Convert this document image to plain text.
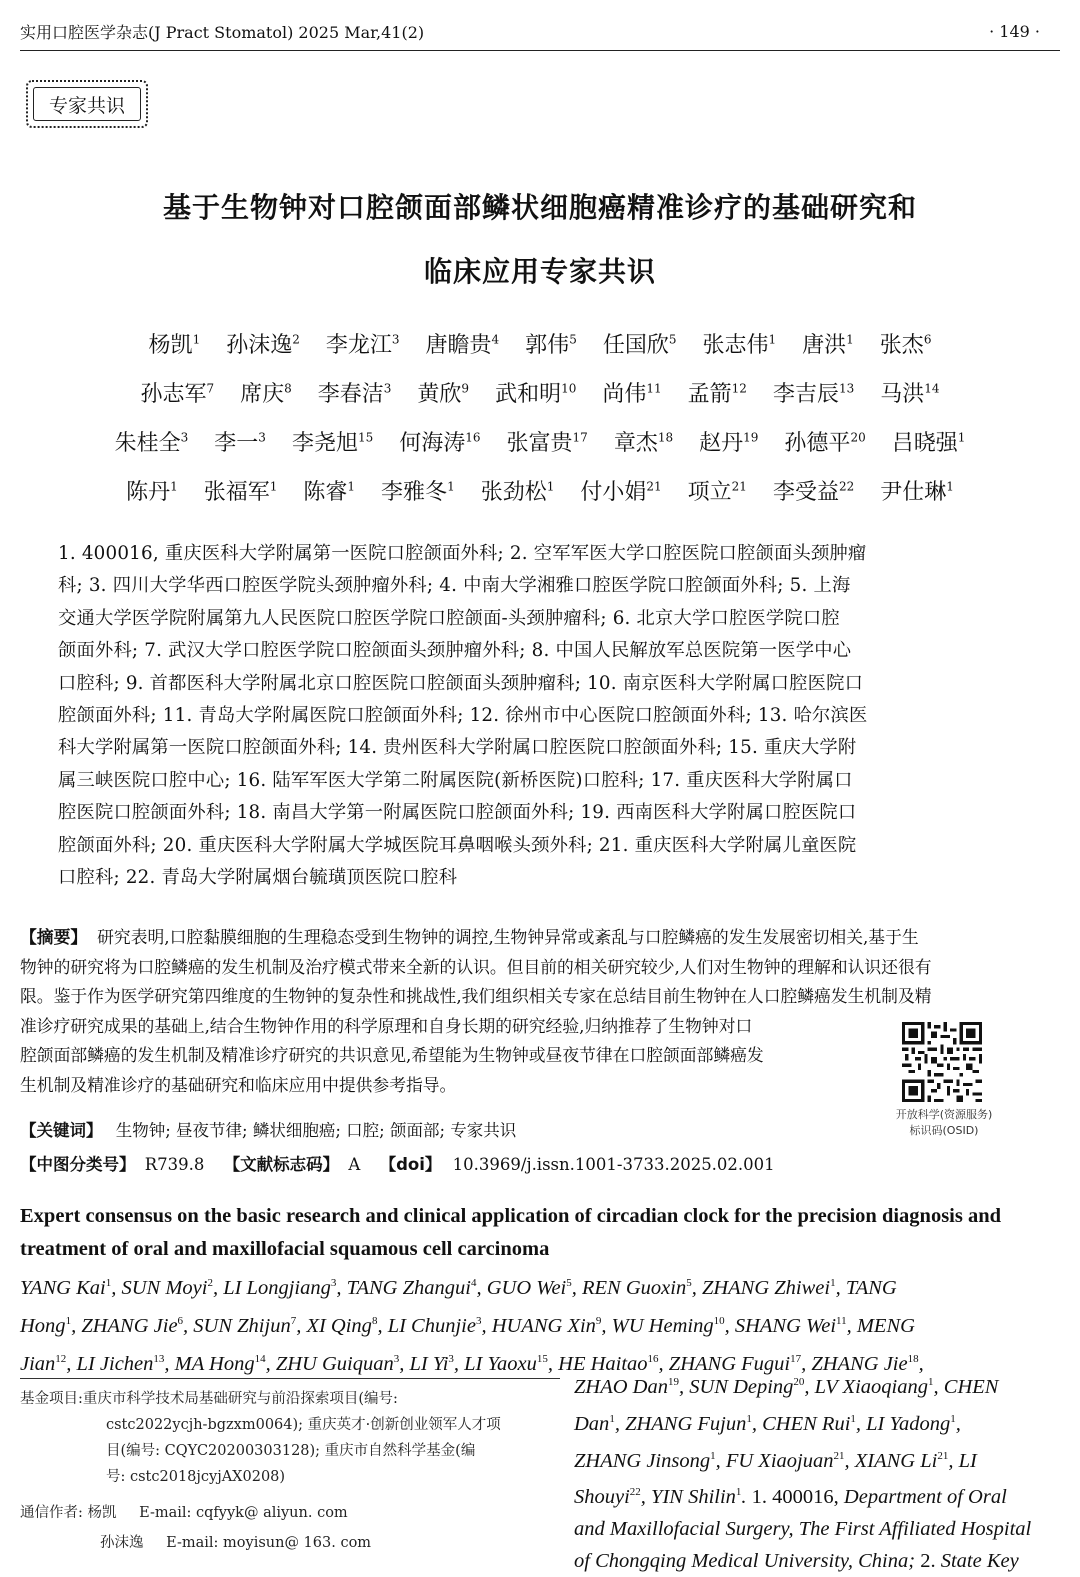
实用口腔医学杂志(J Pract Stomatol) 2025 Mar,41(2)
·	149 ·
专家共识
基于生物钟对口腔颌面部鳞状细胞癌精准诊疗的基础研究和
临床应用专家共识
杨凯$^1$ 孙沫逸$^2$ 李龙江$^3$ 唐瞻贵$^4$ 郭伟$^5$ 任国欣$^5$ 张志伟$^1$ 唐洪$^1$ 张杰$^6$
孙志军$^7$ 席庆$^8$ 李春洁$^3$ 黄欣$^9$ 武和明$^{10}$ 尚伟$^{11}$ 孟箭$^{12}$ 李吉辰$^{13}$ 马洪$^{14}$
朱桂全$^3$ 李一$^3$ 李尧旭$^{15}$ 何海涛$^{16}$ 张富贵$^{17}$ 章杰$^{18}$ 赵丹$^{19}$ 孙德平$^{20}$ 吕晓强$^1$
陈丹$^1$ 张福军$^1$ 陈睿$^1$ 李雅冬$^1$ 张劲松$^1$ 付小娟$^{21}$ 项立$^{21}$ 李受益$^{22}$ 尹仕琳$^1$
1. 400016, 重庆医科大学附属第一医院口腔颌面外科; 2. 空军军医大学口腔医院口腔颌面头颈肿瘤
科; 3. 四川大学华西口腔医学院头颈肿瘤外科; 4. 中南大学湘雅口腔医学院口腔颌面外科; 5. 上海
交通大学医学院附属第九人民医院口腔医学院口腔颌面-头颈肿瘤科; 6. 北京大学口腔医学院口腔
颌面外科; 7. 武汉大学口腔医学院口腔颌面头颈肿瘤外科; 8. 中国人民解放军总医院第一医学中心
口腔科; 9. 首都医科大学附属北京口腔医院口腔颌面头颈肿瘤科; 10. 南京医科大学附属口腔医院口
腔颌面外科; 11. 青岛大学附属医院口腔颌面外科; 12. 徐州市中心医院口腔颌面外科; 13. 哈尔滨医
科大学附属第一医院口腔颌面外科; 14. 贵州医科大学附属口腔医院口腔颌面外科; 15. 重庆大学附
属三峡医院口腔中心; 16. 陆军军医大学第二附属医院(新桥医院)口腔科; 17. 重庆医科大学附属口
腔医院口腔颌面外科; 18. 南昌大学第一附属医院口腔颌面外科; 19. 西南医科大学附属口腔医院口
腔颌面外科; 20. 重庆医科大学附属大学城医院耳鼻咽喉头颈外科; 21. 重庆医科大学附属儿童医院
口腔科; 22. 青岛大学附属烟台毓璜顶医院口腔科
【摘要】 研究表明,口腔黏膜细胞的生理稳态受到生物钟的调控,生物钟异常或紊乱与口腔鳞癌的发生发展密切相关,基于生
物钟的研究将为口腔鳞癌的发生机制及治疗模式带来全新的认识。但目前的相关研究较少,人们对生物钟的理解和认识还很有
限。鉴于作为医学研究第四维度的生物钟的复杂性和挑战性,我们组织相关专家在总结目前生物钟在人口腔鳞癌发生机制及精
准诊疗研究成果的基础上,结合生物钟作用的科学原理和自身长期的研究经验,归纳推荐了生物钟对口
腔颌面部鳞癌的发生机制及精准诊疗研究的共识意见,希望能为生物钟或昼夜节律在口腔颌面部鳞癌发
生机制及精准诊疗的基础研究和临床应用中提供参考指导。
开放科学(资源服务)
标识码(OSID)
【关键词】 生物钟; 昼夜节律; 鳞状细胞癌; 口腔; 颌面部; 专家共识
【中图分类号】 R739.8 【文献标志码】 A 【doi】 10.3969/j.issn.1001-3733.2025.02.001
Expert consensus on the basic research and clinical application of circadian clock for the precision diagnosis and treatment of oral and maxillofacial squamous cell carcinoma
YANG Kai$^1$, SUN Moyi$^2$, LI Longjiang$^3$, TANG Zhangui$^4$, GUO Wei$^5$, REN Guoxin$^5$, ZHANG Zhiwei$^1$, TANG
Hong$^1$, ZHANG Jie$^6$, SUN Zhijun$^7$, XI Qing$^8$, LI Chunjie$^3$, HUANG Xin$^9$, WU Heming$^{10}$, SHANG Wei$^{11}$, MENG
Jian$^{12}$, LI Jichen$^{13}$, MA Hong$^{14}$, ZHU Guiquan$^3$, LI Yi$^3$, LI Yaoxu$^{15}$, HE Haitao$^{16}$, ZHANG Fugui$^{17}$, ZHANG Jie$^{18}$,
ZHAO Dan$^{19}$, SUN Deping$^{20}$, LV Xiaoqiang$^1$, CHEN
Dan$^1$, ZHANG Fujun$^1$, CHEN Rui$^1$, LI Yadong$^1$,
ZHANG Jinsong$^1$, FU Xiaojuan$^{21}$, XIANG Li$^{21}$, LI
Shouyi$^{22}$, YIN Shilin$^1$. 1. 400016, Department of Oral
and Maxillofacial Surgery, The First Affiliated Hospital
of Chongqing Medical University, China; 2. State Key
基金项目:重庆市科学技术局基础研究与前沿探索项目(编号:
cstc2022ycjh-bgzxm0064); 重庆英才·创新创业领军人才项
目(编号: CQYC20200303128); 重庆市自然科学基金(编
号: cstc2018jcyjAX0208)
通信作者: 杨凯 E-mail: cqfyyk@ aliyun. com
孙沫逸 E-mail: moyisun@ 163. com
